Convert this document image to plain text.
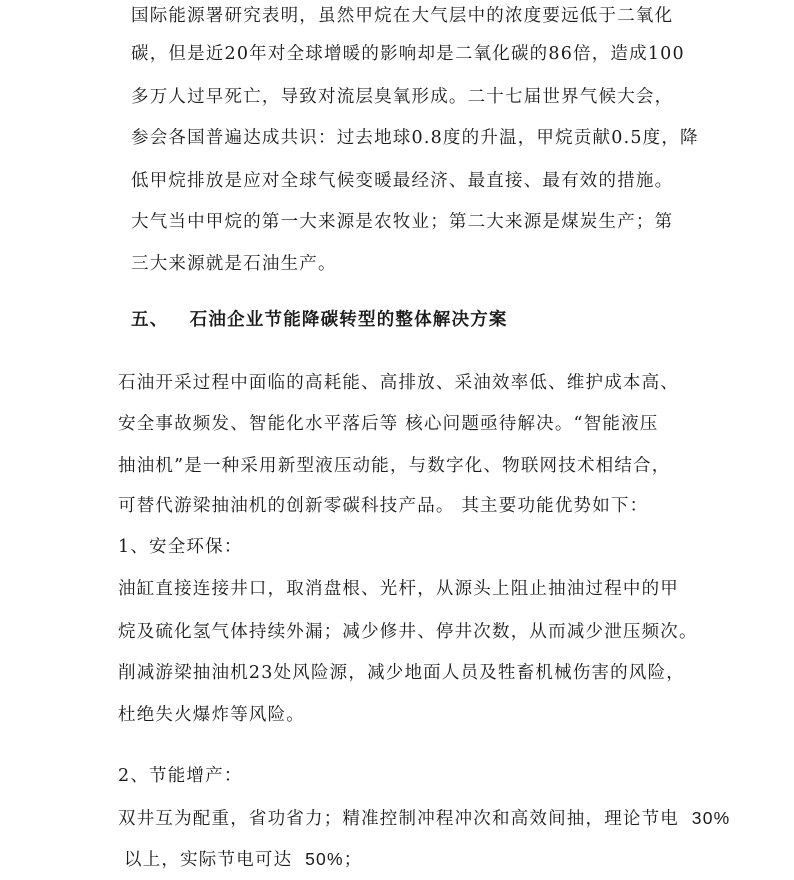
国际能源署研究表明，虽然甲烷在大气层中的浓度要远低于二氧化
碳，但是近20年对全球增暖的影响却是二氧化碳的86倍，造成100
多万人过早死亡，导致对流层臭氧形成。二十七届世界气候大会，
参会各国普遍达成共识：过去地球0.8度的升温，甲烷贡献0.5度，降
低甲烷排放是应对全球气候变暖最经济、最直接、最有效的措施。
大气当中甲烷的第一大来源是农牧业；第二大来源是煤炭生产；第
三大来源就是石油生产。
五、 石油企业节能降碳转型的整体解决方案
石油开采过程中面临的高耗能、高排放、采油效率低、维护成本高、
安全事故频发、智能化水平落后等 核心问题亟待解决。“智能液压
抽油机”是一种采用新型液压动能，与数字化、物联网技术相结合，
可替代游梁抽油机的创新零碳科技产品。 其主要功能优势如下：
1、安全环保：
油缸直接连接井口，取消盘根、光杆，从源头上阻止抽油过程中的甲
烷及硫化氢气体持续外漏；减少修井、停井次数，从而减少泄压频次。
削减游梁抽油机23处风险源，减少地面人员及牲畜机械伤害的风险，
杜绝失火爆炸等风险。
2、节能增产：
双井互为配重，省功省力；精准控制冲程冲次和高效间抽，理论节电 30%
以上，实际节电可达 50%；
